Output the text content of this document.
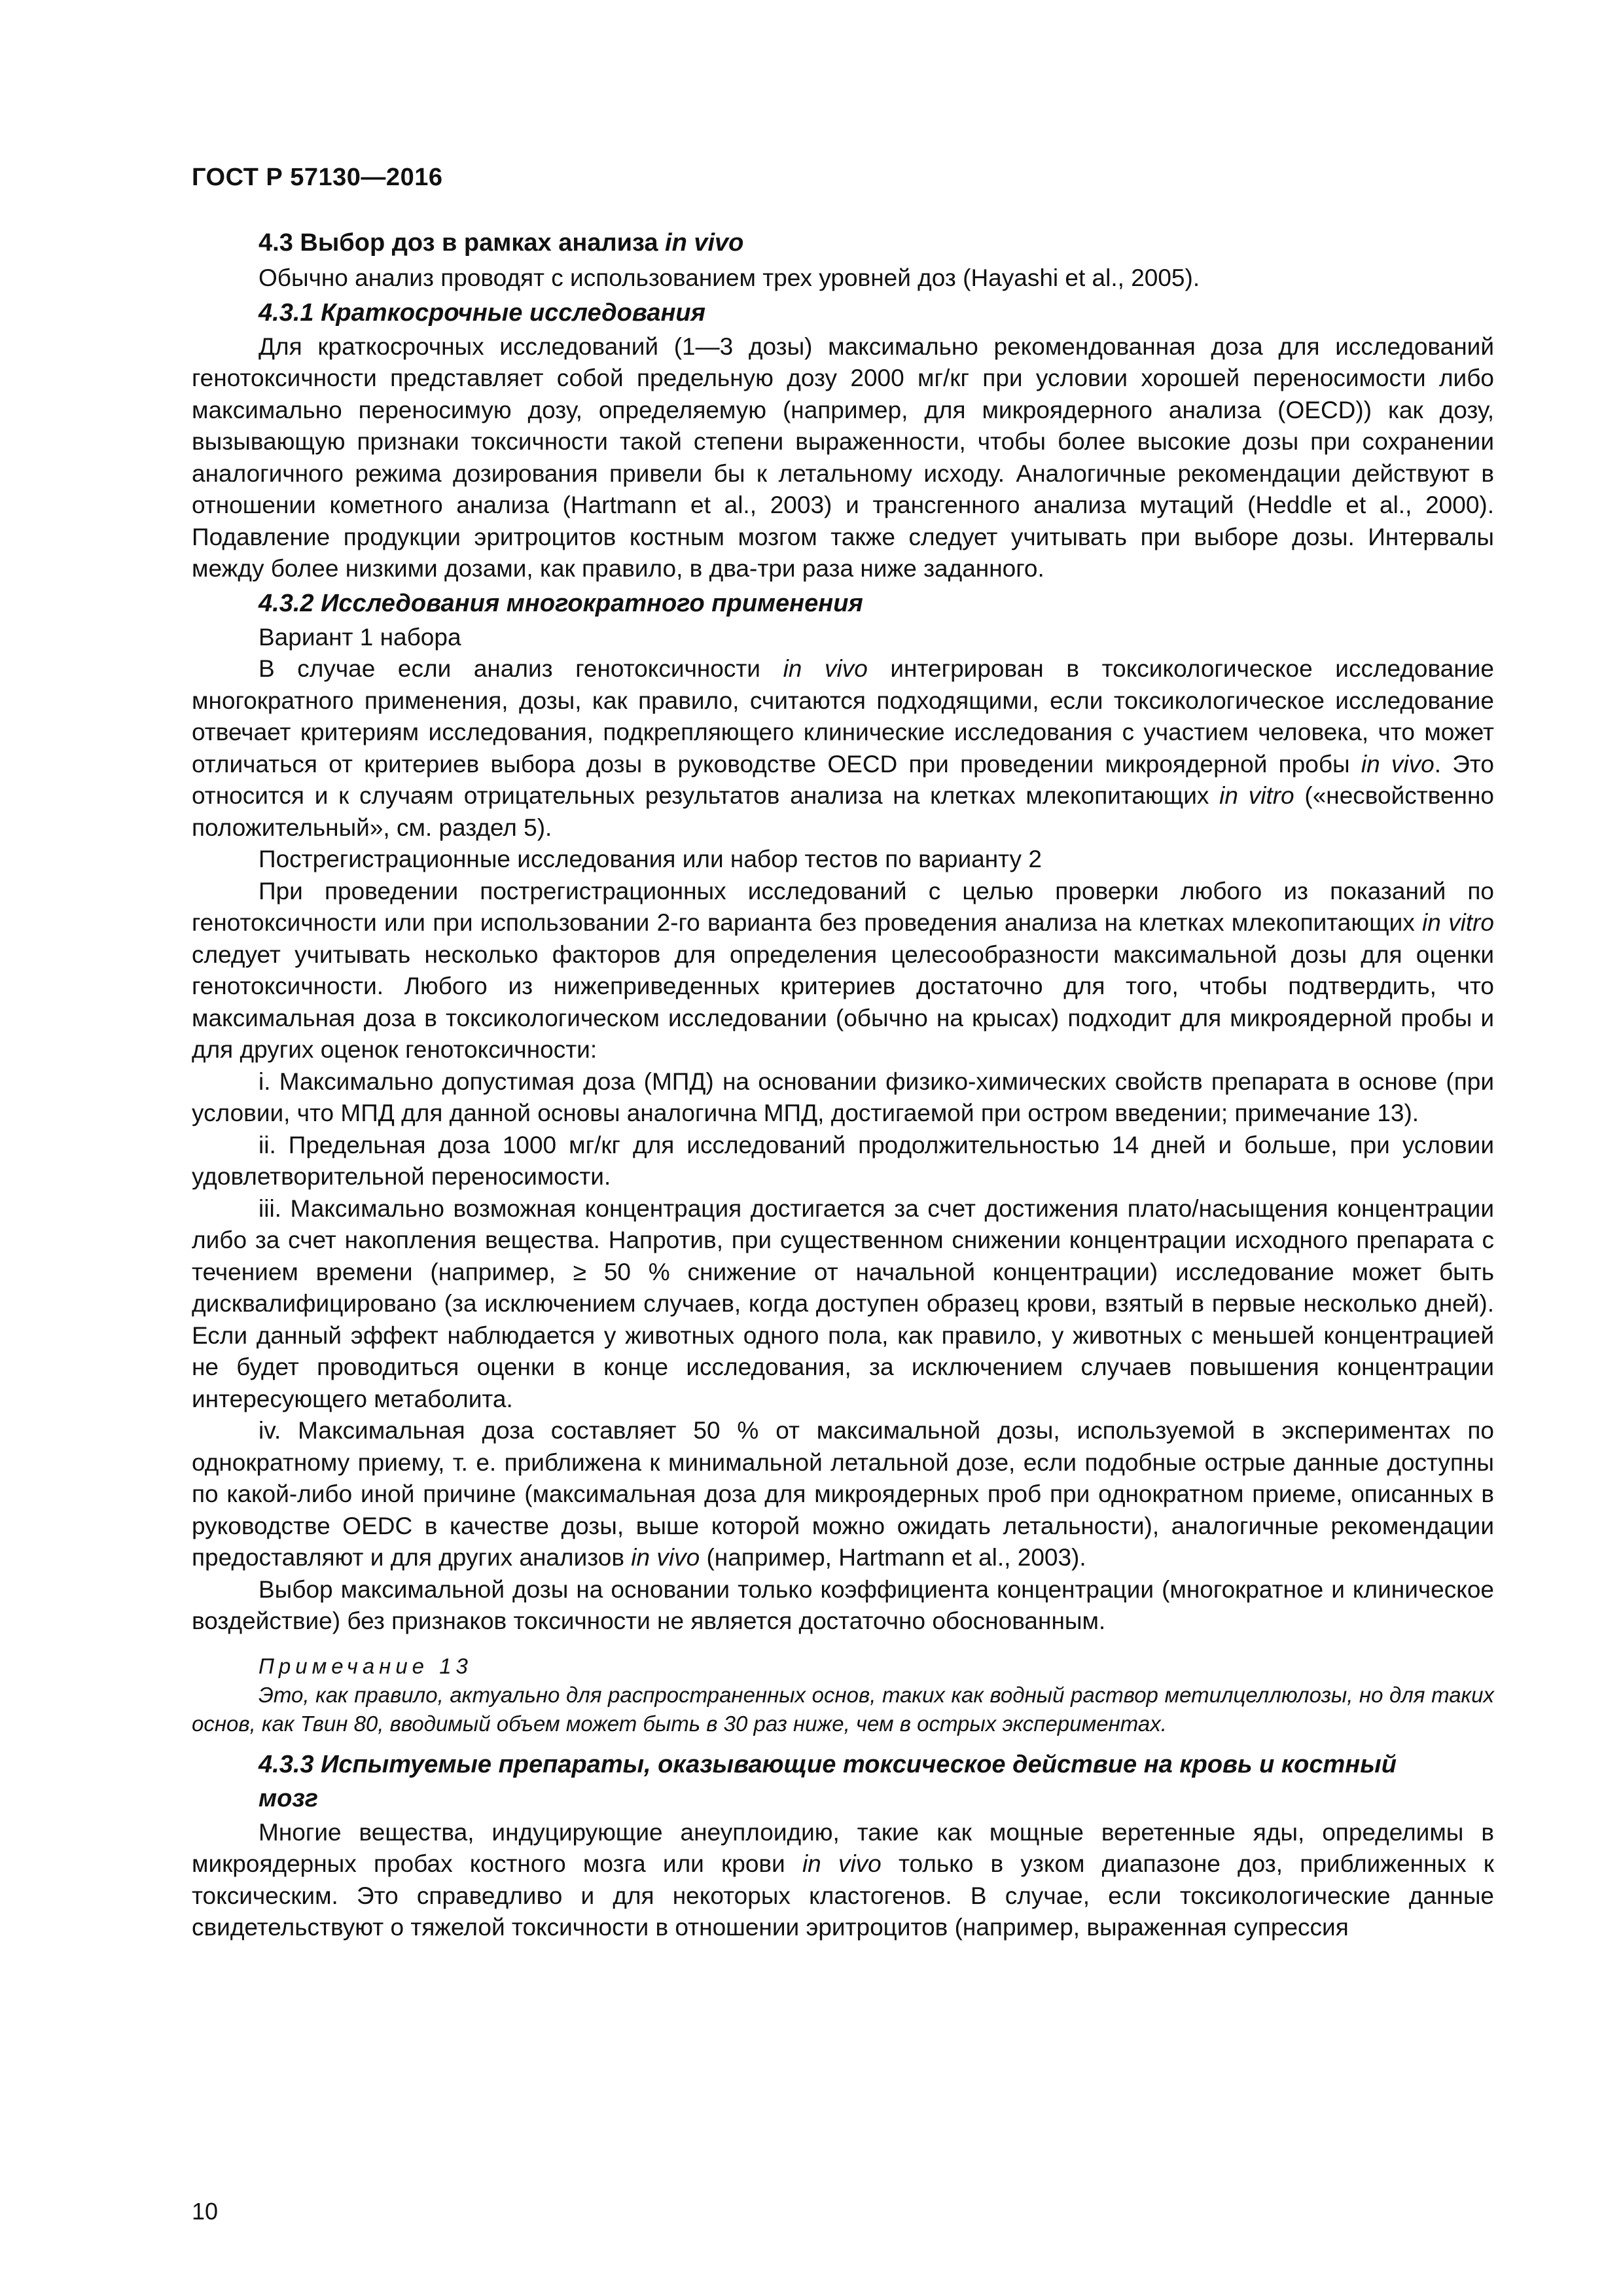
ГОСТ Р 57130—2016
4.3 Выбор доз в рамках анализа in vivo

Обычно анализ проводят с использованием трех уровней доз (Hayashi et al., 2005).

4.3.1 Краткосрочные исследования

Для краткосрочных исследований (1—3 дозы) максимально рекомендованная доза для исследований генотоксичности представляет собой предельную дозу 2000 мг/кг при условии хорошей переносимости либо максимально переносимую дозу, определяемую (например, для микроядерного анализа (OECD)) как дозу, вызывающую признаки токсичности такой степени выраженности, чтобы более высокие дозы при сохранении аналогичного режима дозирования привели бы к летальному исходу. Аналогичные рекомендации действуют в отношении кометного анализа (Hartmann et al., 2003) и трансгенного анализа мутаций (Heddle et al., 2000). Подавление продукции эритроцитов костным мозгом также следует учитывать при выборе дозы. Интервалы между более низкими дозами, как правило, в два-три раза ниже заданного.

4.3.2 Исследования многократного применения

Вариант 1 набора

В случае если анализ генотоксичности in vivo интегрирован в токсикологическое исследование многократного применения, дозы, как правило, считаются подходящими, если токсикологическое исследование отвечает критериям исследования, подкрепляющего клинические исследования с участием человека, что может отличаться от критериев выбора дозы в руководстве OECD при проведении микроядерной пробы in vivo. Это относится и к случаям отрицательных результатов анализа на клетках млекопитающих in vitro («несвойственно положительный», см. раздел 5).

Пострегистрационные исследования или набор тестов по варианту 2

При проведении пострегистрационных исследований с целью проверки любого из показаний по генотоксичности или при использовании 2-го варианта без проведения анализа на клетках млекопитающих in vitro следует учитывать несколько факторов для определения целесообразности максимальной дозы для оценки генотоксичности. Любого из нижеприведенных критериев достаточно для того, чтобы подтвердить, что максимальная доза в токсикологическом исследовании (обычно на крысах) подходит для микроядерной пробы и для других оценок генотоксичности:

i. Максимально допустимая доза (МПД) на основании физико-химических свойств препарата в основе (при условии, что МПД для данной основы аналогична МПД, достигаемой при остром введении; примечание 13).

ii. Предельная доза 1000 мг/кг для исследований продолжительностью 14 дней и больше, при условии удовлетворительной переносимости.

iii. Максимально возможная концентрация достигается за счет достижения плато/насыщения концентрации либо за счет накопления вещества. Напротив, при существенном снижении концентрации исходного препарата с течением времени (например, ≥ 50 % снижение от начальной концентрации) исследование может быть дисквалифицировано (за исключением случаев, когда доступен образец крови, взятый в первые несколько дней). Если данный эффект наблюдается у животных одного пола, как правило, у животных с меньшей концентрацией не будет проводиться оценки в конце исследования, за исключением случаев повышения концентрации интересующего метаболита.

iv. Максимальная доза составляет 50 % от максимальной дозы, используемой в экспериментах по однократному приему, т. е. приближена к минимальной летальной дозе, если подобные острые данные доступны по какой-либо иной причине (максимальная доза для микроядерных проб при однократном приеме, описанных в руководстве OEDC в качестве дозы, выше которой можно ожидать летальности), аналогичные рекомендации предоставляют и для других анализов in vivo (например, Hartmann et al., 2003).

Выбор максимальной дозы на основании только коэффициента концентрации (многократное и клиническое воздействие) без признаков токсичности не является достаточно обоснованным.

Примечание 13

Это, как правило, актуально для распространенных основ, таких как водный раствор метилцеллюлозы, но для таких основ, как Твин 80, вводимый объем может быть в 30 раз ниже, чем в острых экспериментах.

4.3.3 Испытуемые препараты, оказывающие токсическое действие на кровь и костный
мозг

Многие вещества, индуцирующие анеуплоидию, такие как мощные веретенные яды, определимы в микроядерных пробах костного мозга или крови in vivo только в узком диапазоне доз, приближенных к токсическим. Это справедливо и для некоторых кластогенов. В случае, если токсикологические данные свидетельствуют о тяжелой токсичности в отношении эритроцитов (например, выраженная супрессия

10
